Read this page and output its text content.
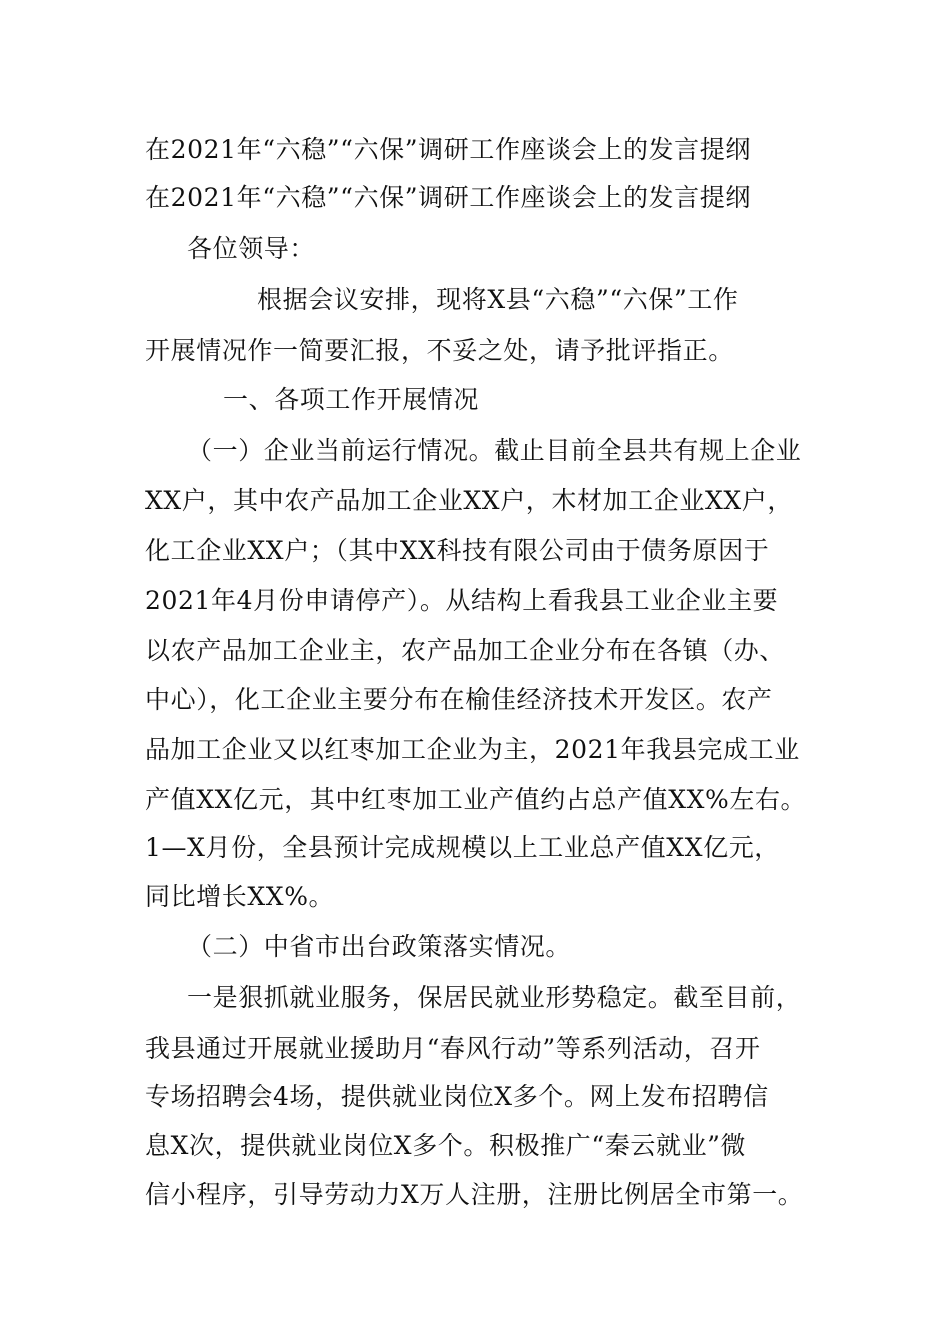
在2021年“六稳”“六保”调研工作座谈会上的发言提纲
在2021年“六稳”“六保”调研工作座谈会上的发言提纲
各位领导：
根据会议安排，现将X县“六稳”“六保”工作
开展情况作一简要汇报，不妥之处，请予批评指正。
一、各项工作开展情况
（一）企业当前运行情况。截止目前全县共有规上企业
XX户，其中农产品加工企业XX户，木材加工企业XX户，
化工企业XX户；（其中XX科技有限公司由于债务原因于
2021年4月份申请停产）。从结构上看我县工业企业主要
以农产品加工企业主，农产品加工企业分布在各镇（办、
中心），化工企业主要分布在榆佳经济技术开发区。农产
品加工企业又以红枣加工企业为主，2021年我县完成工业
产值XX亿元，其中红枣加工业产值约占总产值XX%左右。
1—X月份，全县预计完成规模以上工业总产值XX亿元，
同比增长XX%。
（二）中省市出台政策落实情况。
一是狠抓就业服务，保居民就业形势稳定。截至目前，
我县通过开展就业援助月“春风行动”等系列活动，召开
专场招聘会4场，提供就业岗位X多个。网上发布招聘信
息X次，提供就业岗位X多个。积极推广“秦云就业”微
信小程序，引导劳动力X万人注册，注册比例居全市第一。
